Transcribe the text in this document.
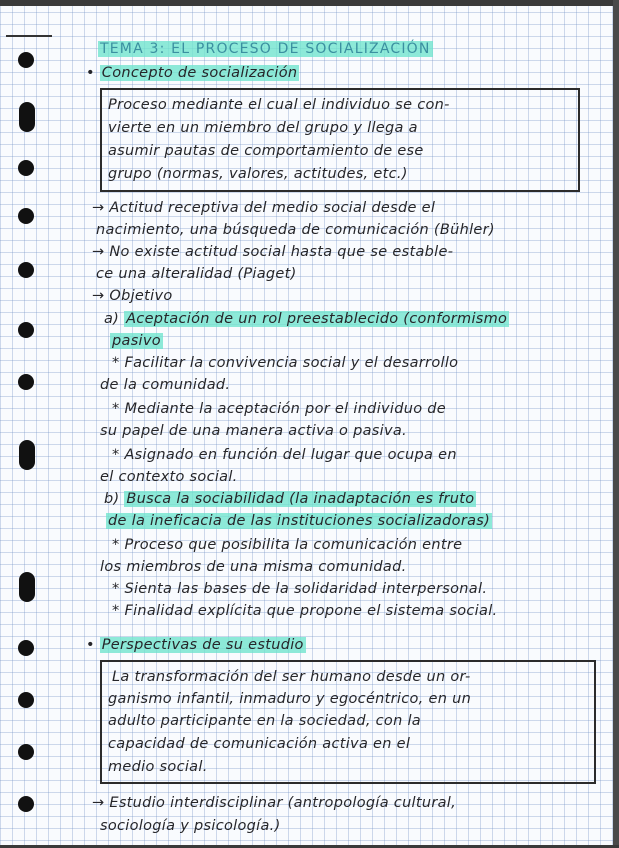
TEMA 3: EL PROCESO DE SOCIALIZACIÓN
• Concepto de socialización
Proceso mediante el cual el individuo se con-
vierte en un miembro del grupo y llega a
asumir pautas de comportamiento de ese
grupo (normas, valores, actitudes, etc.)
→ Actitud receptiva del medio social desde el
nacimiento, una búsqueda de comunicación (Bühler)
→ No existe actitud social hasta que se estable-
ce una alteralidad (Piaget)
→ Objetivo
a) Aceptación de un rol preestablecido (conformismo
pasivo
* Facilitar la convivencia social y el desarrollo
de la comunidad.
* Mediante la aceptación por el individuo de
su papel de una manera activa o pasiva.
* Asignado en función del lugar que ocupa en
el contexto social.
b) Busca la sociabilidad (la inadaptación es fruto
de la ineficacia de las instituciones socializadoras)
* Proceso que posibilita la comunicación entre
los miembros de una misma comunidad.
* Sienta las bases de la solidaridad interpersonal.
* Finalidad explícita que propone el sistema social.
• Perspectivas de su estudio
La transformación del ser humano desde un or-
ganismo infantil, inmaduro y egocéntrico, en un
adulto participante en la sociedad, con la
capacidad de comunicación activa en el
medio social.
→ Estudio interdisciplinar (antropología cultural,
sociología y psicología.)
